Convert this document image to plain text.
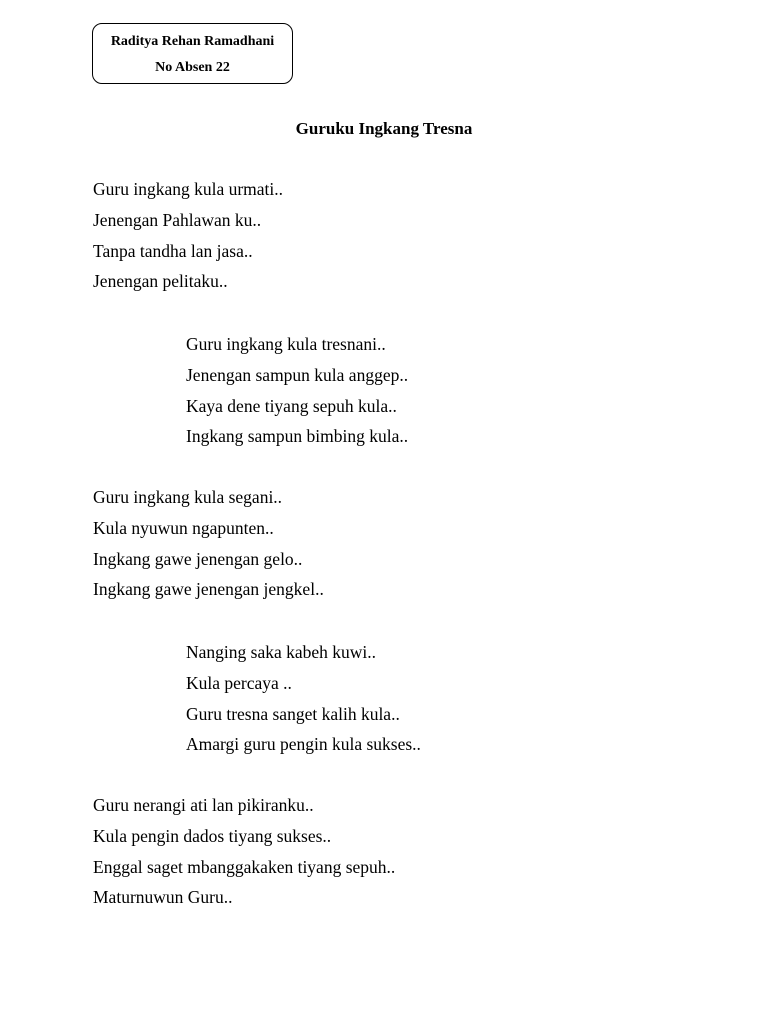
Raditya Rehan Ramadhani
No Absen 22
Guruku Ingkang Tresna
Guru ingkang kula urmati..
Jenengan Pahlawan ku..
Tanpa tandha lan jasa..
Jenengan pelitaku..
Guru ingkang kula tresnani..
Jenengan sampun kula anggep..
Kaya dene tiyang sepuh kula..
Ingkang sampun bimbing kula..
Guru ingkang kula segani..
Kula nyuwun ngapunten..
Ingkang gawe jenengan gelo..
Ingkang gawe jenengan jengkel..
Nanging saka kabeh kuwi..
Kula percaya ..
Guru tresna sanget kalih kula..
Amargi guru pengin kula sukses..
Guru nerangi ati lan pikiranku..
Kula pengin dados tiyang sukses..
Enggal saget mbanggakaken tiyang sepuh..
Maturnuwun Guru..
